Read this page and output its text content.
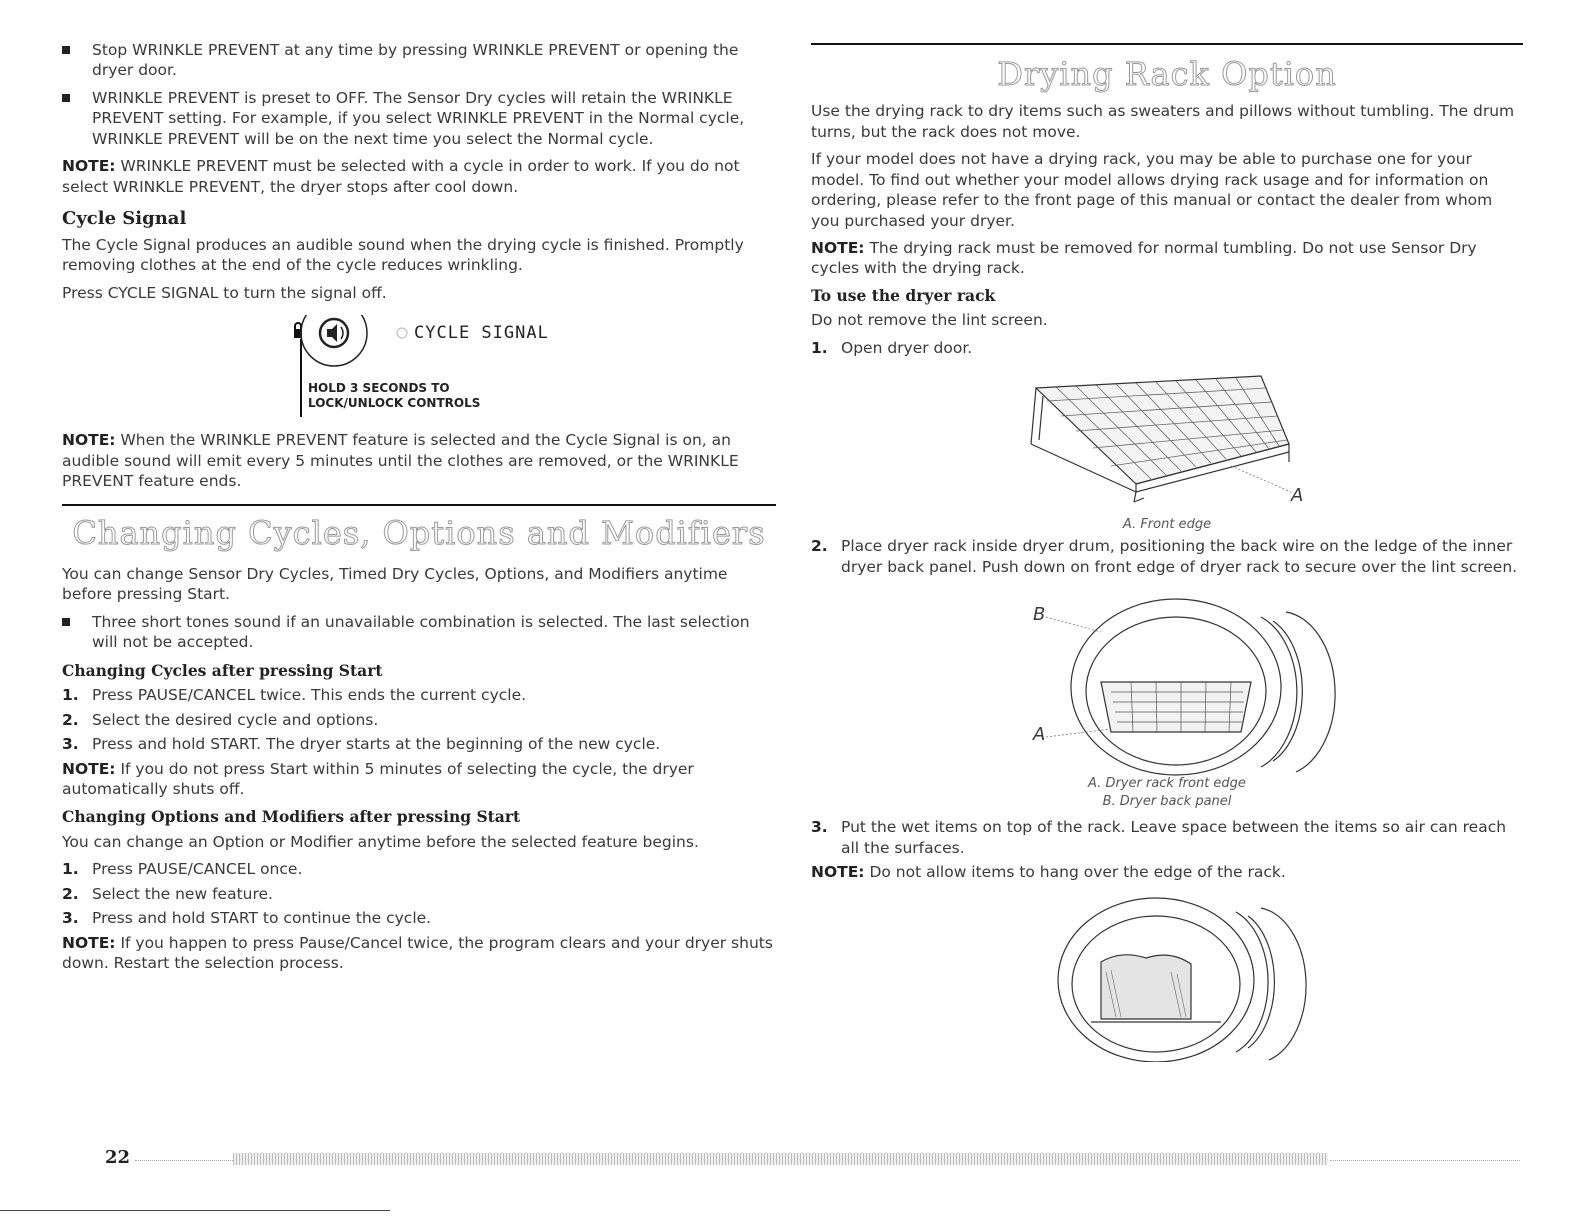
Stop WRINKLE PREVENT at any time by pressing WRINKLE PREVENT or opening the dryer door.
WRINKLE PREVENT is preset to OFF. The Sensor Dry cycles will retain the WRINKLE PREVENT setting. For example, if you select WRINKLE PREVENT in the Normal cycle, WRINKLE PREVENT will be on the next time you select the Normal cycle.

NOTE: WRINKLE PREVENT must be selected with a cycle in order to work. If you do not select WRINKLE PREVENT, the dryer stops after cool down.

Cycle Signal

The Cycle Signal produces an audible sound when the drying cycle is finished. Promptly removing clothes at the end of the cycle reduces wrinkling.

Press CYCLE SIGNAL to turn the signal off.

CYCLE SIGNAL
HOLD 3 SECONDS TO
LOCK/UNLOCK CONTROLS

NOTE: When the WRINKLE PREVENT feature is selected and the Cycle Signal is on, an audible sound will emit every 5 minutes until the clothes are removed, or the WRINKLE PREVENT feature ends.

Changing Cycles, Options and Modifiers

You can change Sensor Dry Cycles, Timed Dry Cycles, Options, and Modifiers anytime before pressing Start.

Three short tones sound if an unavailable combination is selected. The last selection will not be accepted.
Changing Cycles after pressing Start
1. Press PAUSE/CANCEL twice. This ends the current cycle.
2. Select the desired cycle and options.
3. Press and hold START. The dryer starts at the beginning of the new cycle.

NOTE: If you do not press Start within 5 minutes of selecting the cycle, the dryer automatically shuts off.

Changing Options and Modifiers after pressing Start

You can change an Option or Modifier anytime before the selected feature begins.

1. Press PAUSE/CANCEL once.
2. Select the new feature.
3. Press and hold START to continue the cycle.

NOTE: If you happen to press Pause/Cancel twice, the program clears and your dryer shuts down. Restart the selection process.

Drying Rack Option

Use the drying rack to dry items such as sweaters and pillows without tumbling. The drum turns, but the rack does not move.

If your model does not have a drying rack, you may be able to purchase one for your model. To find out whether your model allows drying rack usage and for information on ordering, please refer to the front page of this manual or contact the dealer from whom you purchased your dryer.

NOTE: The drying rack must be removed for normal tumbling. Do not use Sensor Dry cycles with the drying rack.

To use the dryer rack

Do not remove the lint screen.

1. Open dryer door.
A
A. Front edge
2. Place dryer rack inside dryer drum, positioning the back wire on the ledge of the inner dryer back panel. Push down on front edge of dryer rack to secure over the lint screen.
B
A
A. Dryer rack front edge
B. Dryer back panel
3. Put the wet items on top of the rack. Leave space between the items so air can reach all the surfaces.

NOTE: Do not allow items to hang over the edge of the rack.

22
